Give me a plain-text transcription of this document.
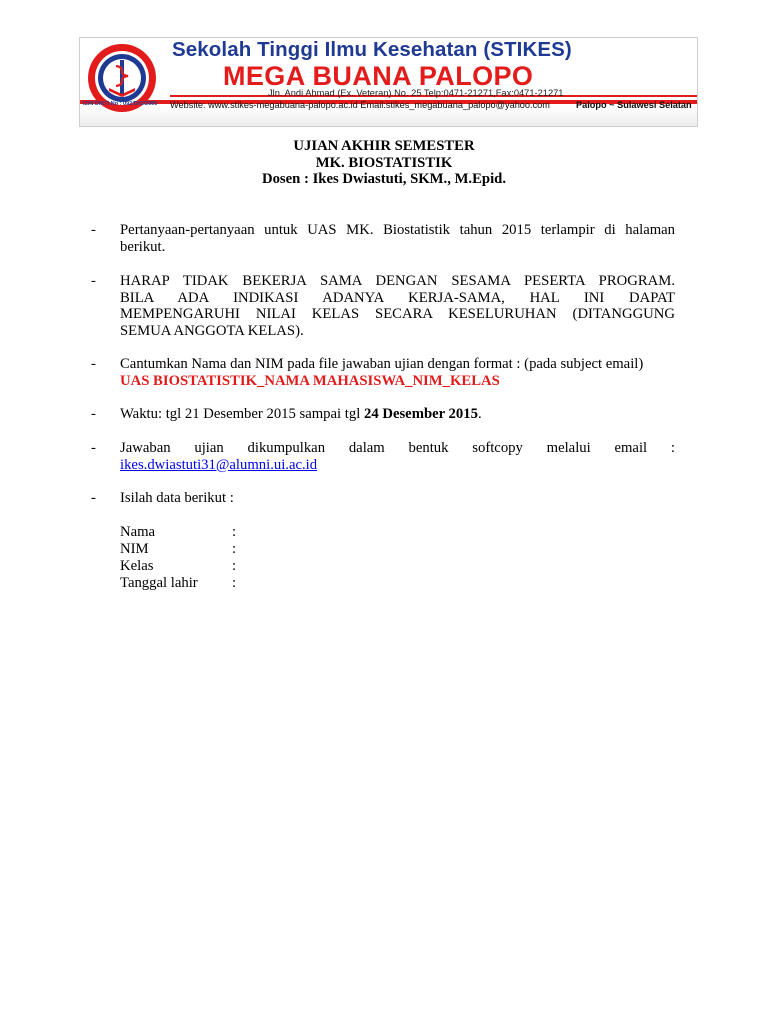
Sekolah Tinggi Ilmu Kesehatan (STIKES)
MEGA BUANA PALOPO
Jln. Andi Ahmad (Ex. Veteran) No. 25 Telp:0471-21271,Fax:0471-21271
Website: www.stikes-megabuana-palopo.ac.id Email:stikes_megabuana_palopo@yahoo.com	Palopo ~ Sulawesi Selatan
IZIN DIKTI No : 092/D/O/2006
UJIAN AKHIR SEMESTER
MK. BIOSTATISTIK
Dosen : Ikes Dwiastuti, SKM., M.Epid.
- Pertanyaan-pertanyaan untuk UAS MK. Biostatistik tahun 2015 terlampir di halaman
berikut.
- HARAP TIDAK BEKERJA SAMA DENGAN SESAMA PESERTA PROGRAM.
BILA ADA INDIKASI ADANYA KERJA-SAMA, HAL INI DAPAT
MEMPENGARUHI NILAI KELAS SECARA KESELURUHAN (DITANGGUNG
SEMUA ANGGOTA KELAS).
- Cantumkan Nama dan NIM pada file jawaban ujian dengan format : (pada subject email)
UAS BIOSTATISTIK_NAMA MAHASISWA_NIM_KELAS
- Waktu: tgl 21 Desember 2015 sampai tgl 24 Desember 2015.
- Jawaban ujian dikumpulkan dalam bentuk softcopy melalui email :
ikes.dwiastuti31@alumni.ui.ac.id
- Isilah data berikut :
Nama	:
NIM	:
Kelas	:
Tanggal lahir :
